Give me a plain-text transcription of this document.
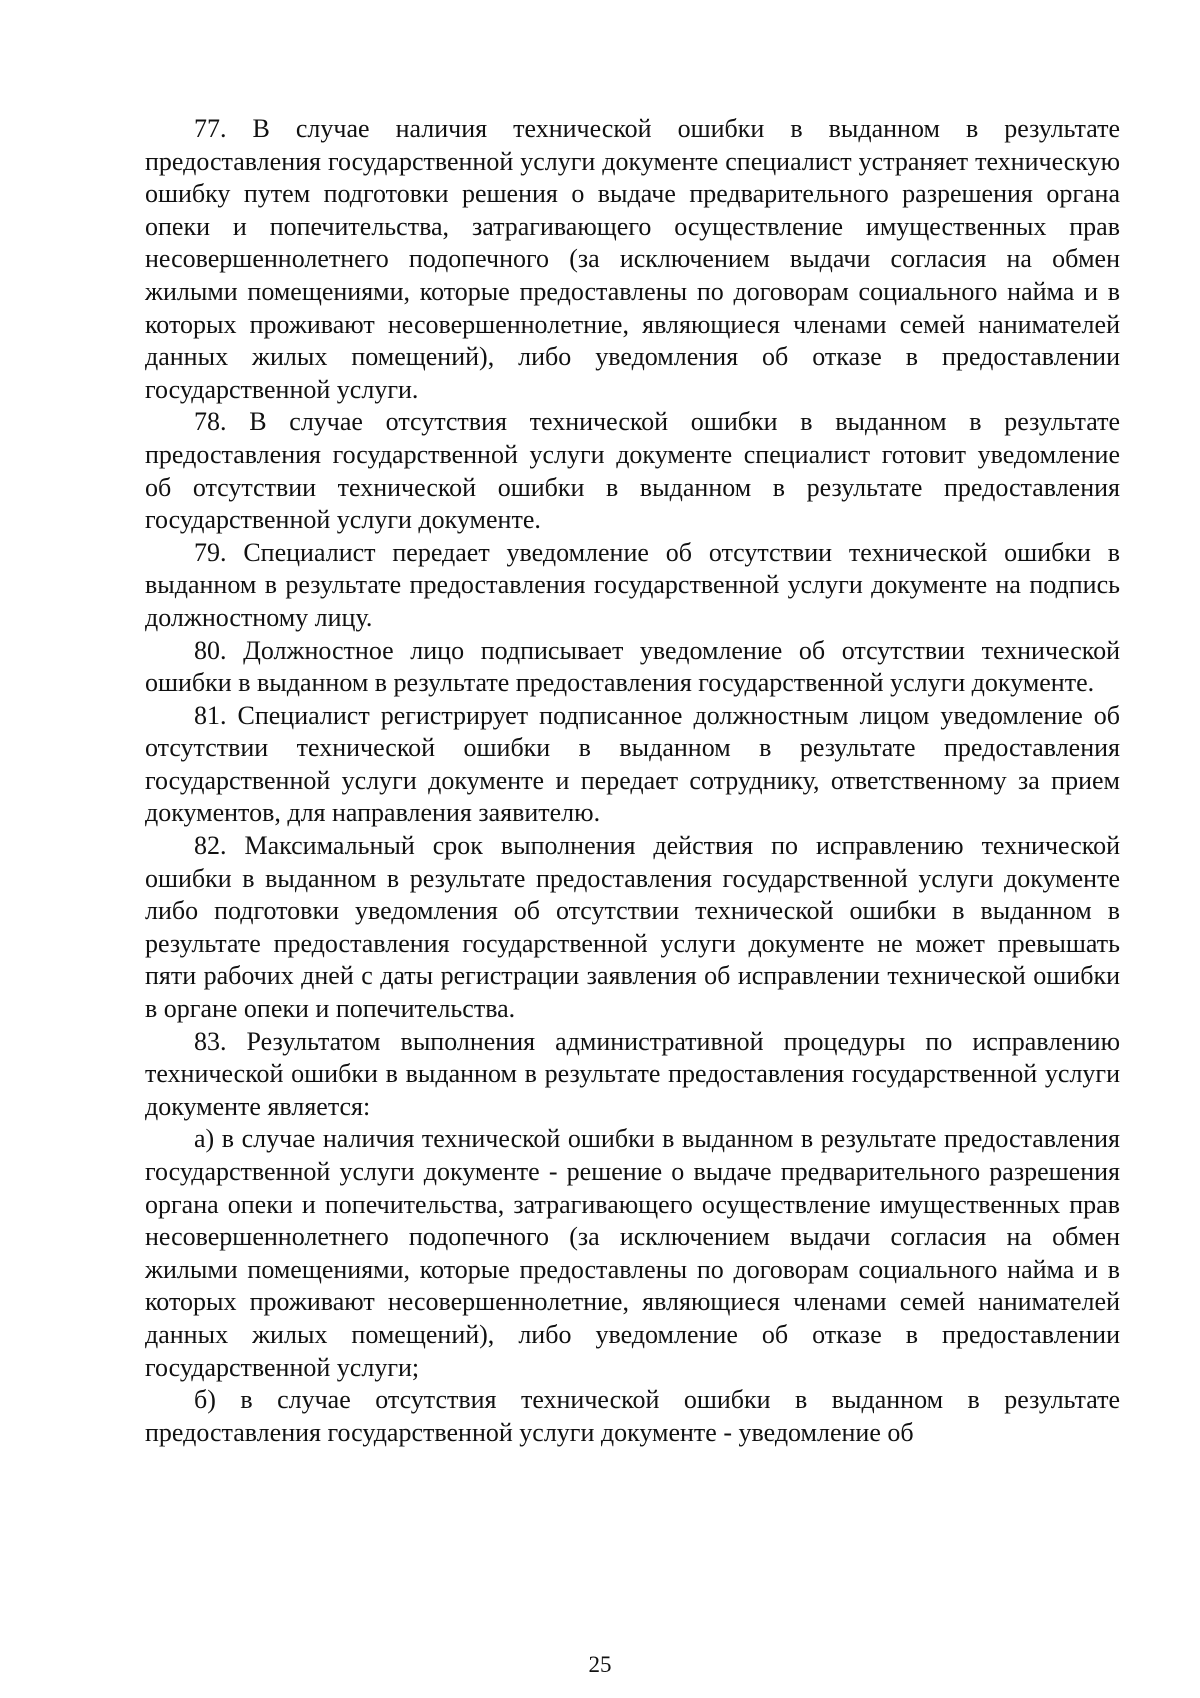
77. В случае наличия технической ошибки в выданном в результате предоставления государственной услуги документе специалист устраняет техническую ошибку путем подготовки решения о выдаче предварительного разрешения органа опеки и попечительства, затрагивающего осуществление имущественных прав несовершеннолетнего подопечного (за исключением выдачи согласия на обмен жилыми помещениями, которые предоставлены по договорам социального найма и в которых проживают несовершеннолетние, являющиеся членами семей нанимателей данных жилых помещений), либо уведомления об отказе в предоставлении государственной услуги.

78. В случае отсутствия технической ошибки в выданном в результате предоставления государственной услуги документе специалист готовит уведомление об отсутствии технической ошибки в выданном в результате предоставления государственной услуги документе.

79. Специалист передает уведомление об отсутствии технической ошибки в выданном в результате предоставления государственной услуги документе на подпись должностному лицу.

80. Должностное лицо подписывает уведомление об отсутствии технической ошибки в выданном в результате предоставления государственной услуги документе.

81. Специалист регистрирует подписанное должностным лицом уведомление об отсутствии технической ошибки в выданном в результате предоставления государственной услуги документе и передает сотруднику, ответственному за прием документов, для направления заявителю.

82. Максимальный срок выполнения действия по исправлению технической ошибки в выданном в результате предоставления государственной услуги документе либо подготовки уведомления об отсутствии технической ошибки в выданном в результате предоставления государственной услуги документе не может превышать пяти рабочих дней с даты регистрации заявления об исправлении технической ошибки в органе опеки и попечительства.

83. Результатом выполнения административной процедуры по исправлению технической ошибки в выданном в результате предоставления государственной услуги документе является:

а) в случае наличия технической ошибки в выданном в результате предоставления государственной услуги документе - решение о выдаче предварительного разрешения органа опеки и попечительства, затрагивающего осуществление имущественных прав несовершеннолетнего подопечного (за исключением выдачи согласия на обмен жилыми помещениями, которые предоставлены по договорам социального найма и в которых проживают несовершеннолетние, являющиеся членами семей нанимателей данных жилых помещений), либо уведомление об отказе в предоставлении государственной услуги;

б) в случае отсутствия технической ошибки в выданном в результате предоставления государственной услуги документе - уведомление об

25
